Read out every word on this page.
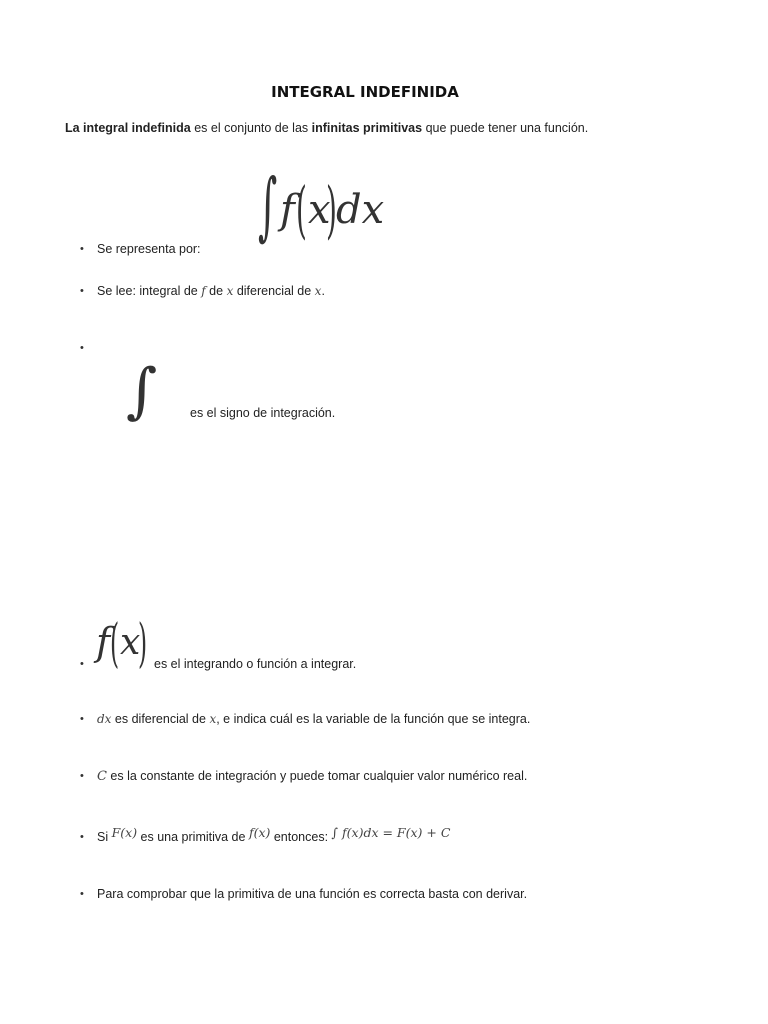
INTEGRAL INDEFINIDA
La integral indefinida es el conjunto de las infinitas primitivas que puede tener una función.
• Se representa por: ∫ f ( x
) dx
• Se lee: integral de f de x diferencial de x.
•
∫	es el signo de integración.
• f ( x
) es el integrando o función a integrar.
• dx es diferencial de x, e indica cuál es la variable de la función que se integra.
• C es la constante de integración y puede tomar cualquier valor numérico real.
• Si F(x) es una primitiva de f(x) entonces: ∫ f(x)dx = F(x) + C
• Para comprobar que la primitiva de una función es correcta basta con derivar.
